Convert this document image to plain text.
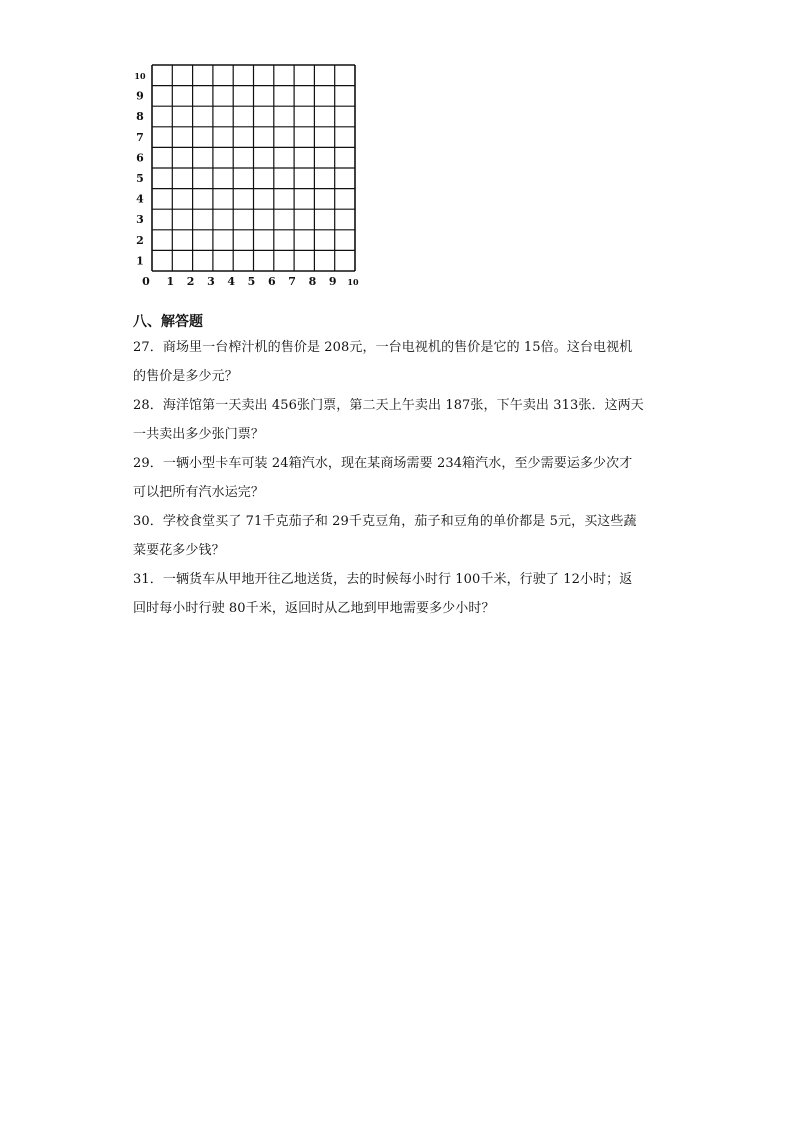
0 1 2 3 4 5 6 7 8 9 10
1
2
3
4
5
6
7
8
9
10
八、解答题
27．商场里一台榨汁机的售价是 208元，一台电视机的售价是它的 15倍。这台电视机
的售价是多少元？
28．海洋馆第一天卖出 456张门票，第二天上午卖出 187张，下午卖出 313张．这两天
一共卖出多少张门票？
29．一辆小型卡车可装 24箱汽水，现在某商场需要 234箱汽水，至少需要运多少次才
可以把所有汽水运完？
30．学校食堂买了 71千克茄子和 29千克豆角，茄子和豆角的单价都是 5元，买这些蔬
菜要花多少钱？
31．一辆货车从甲地开往乙地送货，去的时候每小时行 100千米，行驶了 12小时；返
回时每小时行驶 80千米，返回时从乙地到甲地需要多少小时？
